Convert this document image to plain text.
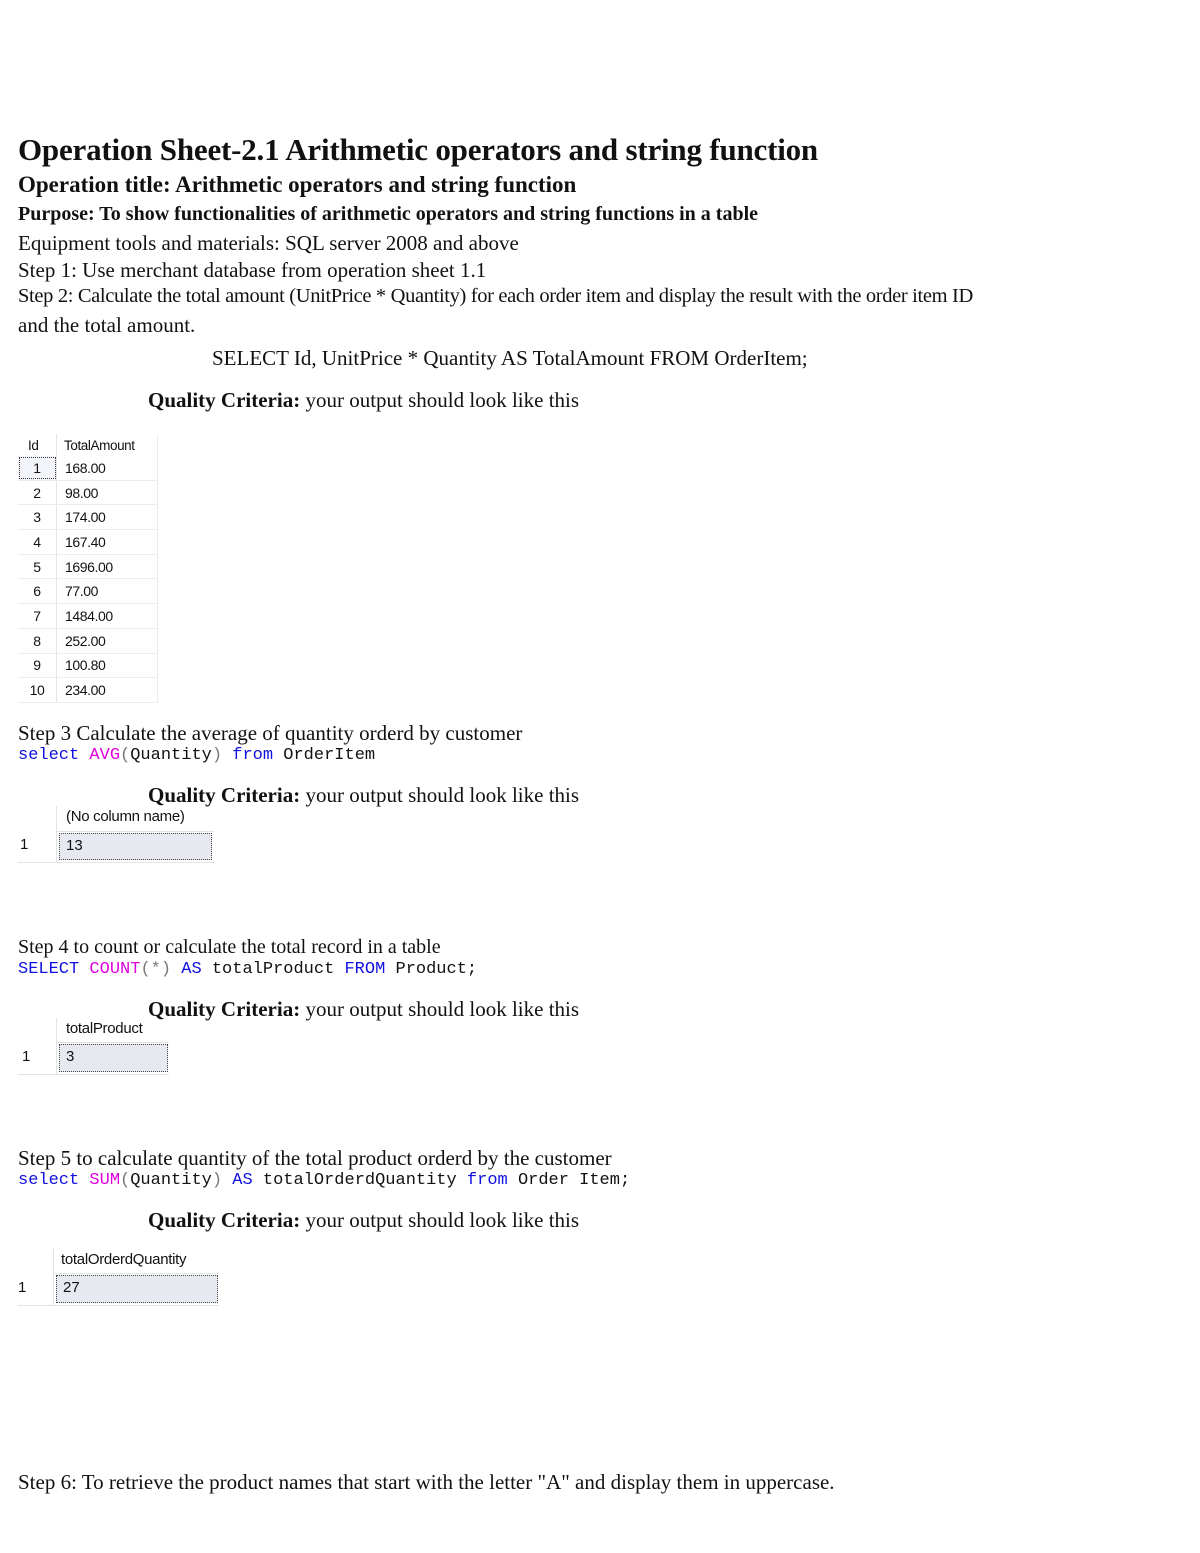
Operation Sheet-2.1 Arithmetic operators and string function
Operation title: Arithmetic operators and string function
Purpose: To show functionalities of arithmetic operators and string functions in a table
Equipment tools and materials: SQL server 2008 and above
Step 1: Use merchant database from operation sheet 1.1
Step 2: Calculate the total amount (UnitPrice * Quantity) for each order item and display the result with the order item ID
and the total amount.
SELECT Id, UnitPrice * Quantity AS TotalAmount FROM OrderItem;
Quality Criteria: your output should look like this
Id	TotalAmount
1	168.00
2	98.00
3	174.00
4	167.40
5	1696.00
6	77.00
7	1484.00
8	252.00
9	100.80
10	234.00
Step 3 Calculate the average of quantity orderd by customer
select AVG(Quantity) from OrderItem
Quality Criteria: your output should look like this
(No column name)
1	13
Step 4 to count or calculate the total record in a table
SELECT COUNT(*) AS totalProduct FROM Product;
Quality Criteria: your output should look like this
totalProduct
1	3
Step 5 to calculate quantity of the total product orderd by the customer
select SUM(Quantity) AS totalOrderdQuantity from Order Item;
Quality Criteria: your output should look like this
totalOrderdQuantity
1	27
Step 6: To retrieve the product names that start with the letter "A" and display them in uppercase.
